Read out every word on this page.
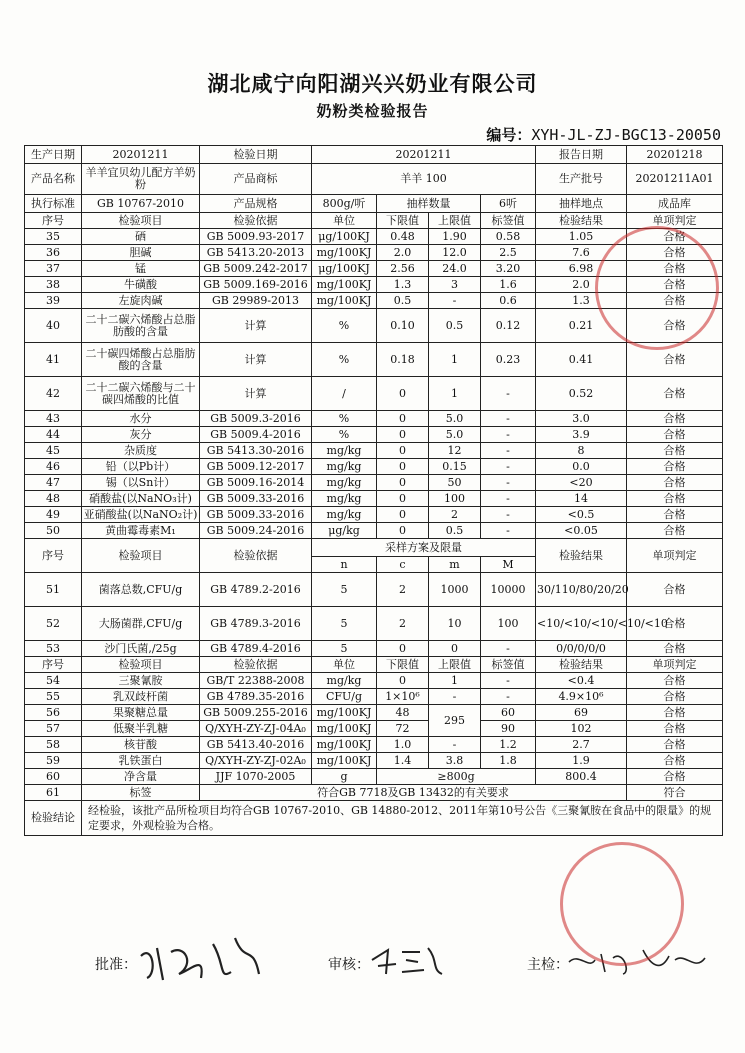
湖北咸宁向阳湖兴兴奶业有限公司
奶粉类检验报告
编号：XYH-JL-ZJ-BGC13-20050
生产日期	20201211	检验日期	20201211				报告日期	20201218
产品名称	羊羊宜贝幼儿配方羊奶粉	产品商标	羊羊 100				生产批号	20201211A01
执行标准	GB 10767-2010	产品规格	800g/听	抽样数量		6听	抽样地点	成品库
序号	检验项目	检验依据	单位	下限值	上限值	标签值	检验结果	单项判定
35	硒	GB 5009.93-2017	μg/100KJ	0.48	1.90	0.58	1.05	合格
36	胆碱	GB 5413.20-2013	mg/100KJ	2.0	12.0	2.5	7.6	合格
37	锰	GB 5009.242-2017	μg/100KJ	2.56	24.0	3.20	6.98	合格
38	牛磺酸	GB 5009.169-2016	mg/100KJ	1.3	3	1.6	2.0	合格
39	左旋肉碱	GB 29989-2013	mg/100KJ	0.5	-	0.6	1.3	合格
40	二十二碳六烯酸占总脂肪酸的含量	计算	%	0.10	0.5	0.12	0.21	合格
41	二十碳四烯酸占总脂肪酸的含量	计算	%	0.18	1	0.23	0.41	合格
42	二十二碳六烯酸与二十碳四烯酸的比值	计算	/	0	1	-	0.52	合格
43	水分	GB 5009.3-2016	%	0	5.0	-	3.0	合格
44	灰分	GB 5009.4-2016	%	0	5.0	-	3.9	合格
45	杂质度	GB 5413.30-2016	mg/kg	0	12	-	8	合格
46	铅（以Pb计）	GB 5009.12-2017	mg/kg	0	0.15	-	0.0	合格
47	锡（以Sn计）	GB 5009.16-2014	mg/kg	0	50	-	<20	合格
48	硝酸盐(以NaNO₃计)	GB 5009.33-2016	mg/kg	0	100	-	14	合格
49	亚硝酸盐(以NaNO₂计)	GB 5009.33-2016	mg/kg	0	2	-	<0.5	合格
50	黄曲霉毒素M₁	GB 5009.24-2016	μg/kg	0	0.5	-	<0.05	合格
序号	检验项目	检验依据	采样方案及限量				检验结果	单项判定
			n	c	m	M		
51	菌落总数,CFU/g	GB 4789.2-2016	5	2	1000	10000	30/110/80/20/20	合格
52	大肠菌群,CFU/g	GB 4789.3-2016	5	2	10	100	<10/<10/<10/<10/<10	合格
53	沙门氏菌,/25g	GB 4789.4-2016	5	0	0	-	0/0/0/0/0	合格
序号	检验项目	检验依据	单位	下限值	上限值	标签值	检验结果	单项判定
54	三聚氰胺	GB/T 22388-2008	mg/kg	0	1	-	<0.4	合格
55	乳双歧杆菌	GB 4789.35-2016	CFU/g	1×10⁶	-	-	4.9×10⁶	合格
56	果聚糖总量	GB 5009.255-2016	mg/100KJ	48	295	60	69	合格
57	低聚半乳糖	Q/XYH-ZY-ZJ-04A₀	mg/100KJ	72		90	102	合格
58	核苷酸	GB 5413.40-2016	mg/100KJ	1.0	-	1.2	2.7	合格
59	乳铁蛋白	Q/XYH-ZY-ZJ-02A₀	mg/100KJ	1.4	3.8	1.8	1.9	合格
60	净含量	JJF 1070-2005	g	≥800g			800.4	合格
61	标签	符合GB 7718及GB 13432的有关要求						符合
检验结论	经检验，该批产品所检项目均符合GB 10767-2010、GB 14880-2012、2011年第10号公告《三聚氰胺在食品中的限量》的规定要求，外观检验为合格。							
批准：	审核：	主检：
